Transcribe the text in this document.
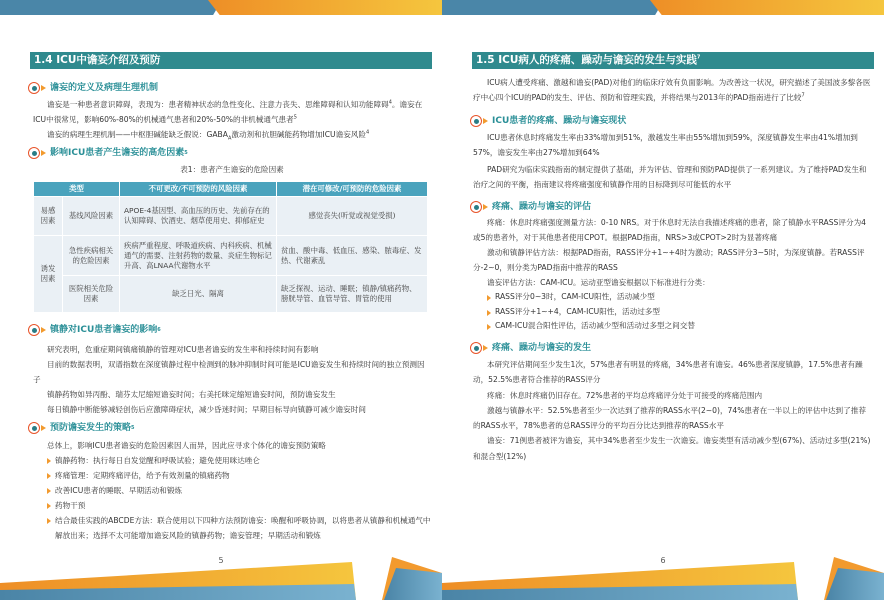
1.4 ICU中谵妄介绍及预防
谵妄的定义及病理生理机制

谵妄是一种患者意识障碍，表现为：患者精神状态的急性变化、注意力丧失、思维障碍和认知功能障碍$^4$。谵妄在ICU中很常见，影响60%-80%的机械通气患者和20%-50%的非机械通气患者$^5$

谵妄的病理生理机制——中枢胆碱能缺乏假说：$GABA_A$激动剂和抗胆碱能药物增加ICU谵妄风险$^4$

影响ICU患者产生谵妄的高危因素 5
表1：患者产生谵妄的危险因素
类型		不可更改/不可预防的风险因素	潜在可修改/可预防的危险因素
易感因素	基线风险因素	APOE-4基因型、高血压的历史、先前存在的认知障碍、饮酒史、烟草使用史、抑郁症史	感觉丧失(听觉或视觉受损)
诱发因素	急性疾病相关的危险因素	疾病严重程度、呼吸道疾病、内科疾病、机械通气的需要、注射药物的数量、炎症生物标记升高、高LNAA代谢物水平	贫血、酸中毒、低血压、感染、脓毒症、发热、代谢紊乱
	医院相关危险因素	缺乏日光、隔离	缺乏探视、运动、睡眠；镇静/镇痛药物、膀胱导管、血管导管、胃管的使用
镇静对ICU患者谵妄的影响 6

研究表明，危重症期间镇痛镇静的管理对ICU患者谵妄的发生率和持续时间有影响

目前的数据表明，双谱指数在深度镇静过程中检测到的脉冲抑制时间可能是ICU谵妄发生和持续时间的独立预测因子

镇静药物如异丙酚、瑞芬太尼缩短谵妄时间；右美托咪定缩短谵妄时间，预防谵妄发生

每日镇静中断能够减轻创伤后应激障碍症状，减少昏迷时间；早期目标导向镇静可减少谵妄时间

预防谵妄发生的策略 5

总体上，影响ICU患者谵妄的危险因素因人而异，因此应寻求个体化的谵妄预防策略

镇静药物：执行每日自发觉醒和呼吸试验；避免使用咪达唑仑

疼痛管理：定期疼痛评估，给予有效剂量的镇痛药物

改善ICU患者的睡眠、早期活动和锻炼

药物干预

结合最佳实践的ABCDE方法：联合使用以下四种方法预防谵妄：唤醒和呼吸协调，以将患者从镇静和机械通气中解放出来；选择不太可能增加谵妄风险的镇静药物；谵妄管理；早期活动和锻炼

5
1.5 ICU病人的疼痛、躁动与谵妄的发生与实践$^7$

ICU病人遭受疼痛、激越和谵妄(PAD)对他们的临床疗效有负面影响。为改善这一状况，研究描述了美国波多黎各医疗中心四个ICU的PAD的发生、评估、预防和管理实践，并将结果与2013年的PAD指南进行了比较$^7$

ICU患者的疼痛、躁动与谵妄现状

ICU患者休息时疼痛发生率由33%增加到51%，激越发生率由55%增加到59%，深度镇静发生率由41%增加到57%，谵妄发生率由27%增加到64%

PAD研究为临床实践指南的制定提供了基础，并为评估、管理和预防PAD提供了一系列建议。为了维持PAD发生和治疗之间的平衡，指南建议将疼痛强度和镇静作用的目标降到尽可能低的水平

疼痛、躁动与谵妄的评估

疼痛：休息时疼痛强度测量方法：0-10 NRS。对于休息时无法自我描述疼痛的患者，除了镇静水平RASS评分为4或5的患者外，对于其他患者使用CPOT。根据PAD指南，NRS>3或CPOT>2时为显著疼痛

激动和镇静评估方法：根据PAD指南，RASS评分+1~+4时为激动；RASS评分3~5时，为深度镇静。若RASS评分-2~0，则分类为PAD指南中推荐的RASS

谵妄评估方法：CAM-ICU。运动亚型谵妄根据以下标准进行分类：

RASS评分0~3时，CAM-ICU阳性，活动减少型

RASS评分+1~+4，CAM-ICU阳性，活动过多型

CAM-ICU混合阳性评估，活动减少型和活动过多型之间交替

疼痛、躁动与谵妄的发生

本研究评估期间至少发生1次，57%患者有明显的疼痛，34%患者有谵妄。46%患者深度镇静，17.5%患者有躁动，52.5%患者符合推荐的RASS评分

疼痛：休息时疼痛仍旧存在。72%患者的平均总疼痛评分处于可接受的疼痛范围内

激越与镇静水平：52.5%患者至少一次达到了推荐的RASS水平(2~0)，74%患者在一半以上的评估中达到了推荐的RASS水平，78%患者的总RASS评分的平均百分比达到推荐的RASS水平

谵妄：71例患者被评为谵妄，其中34%患者至少发生一次谵妄。谵妄类型有活动减少型(67%)、活动过多型(21%)和混合型(12%)

6
